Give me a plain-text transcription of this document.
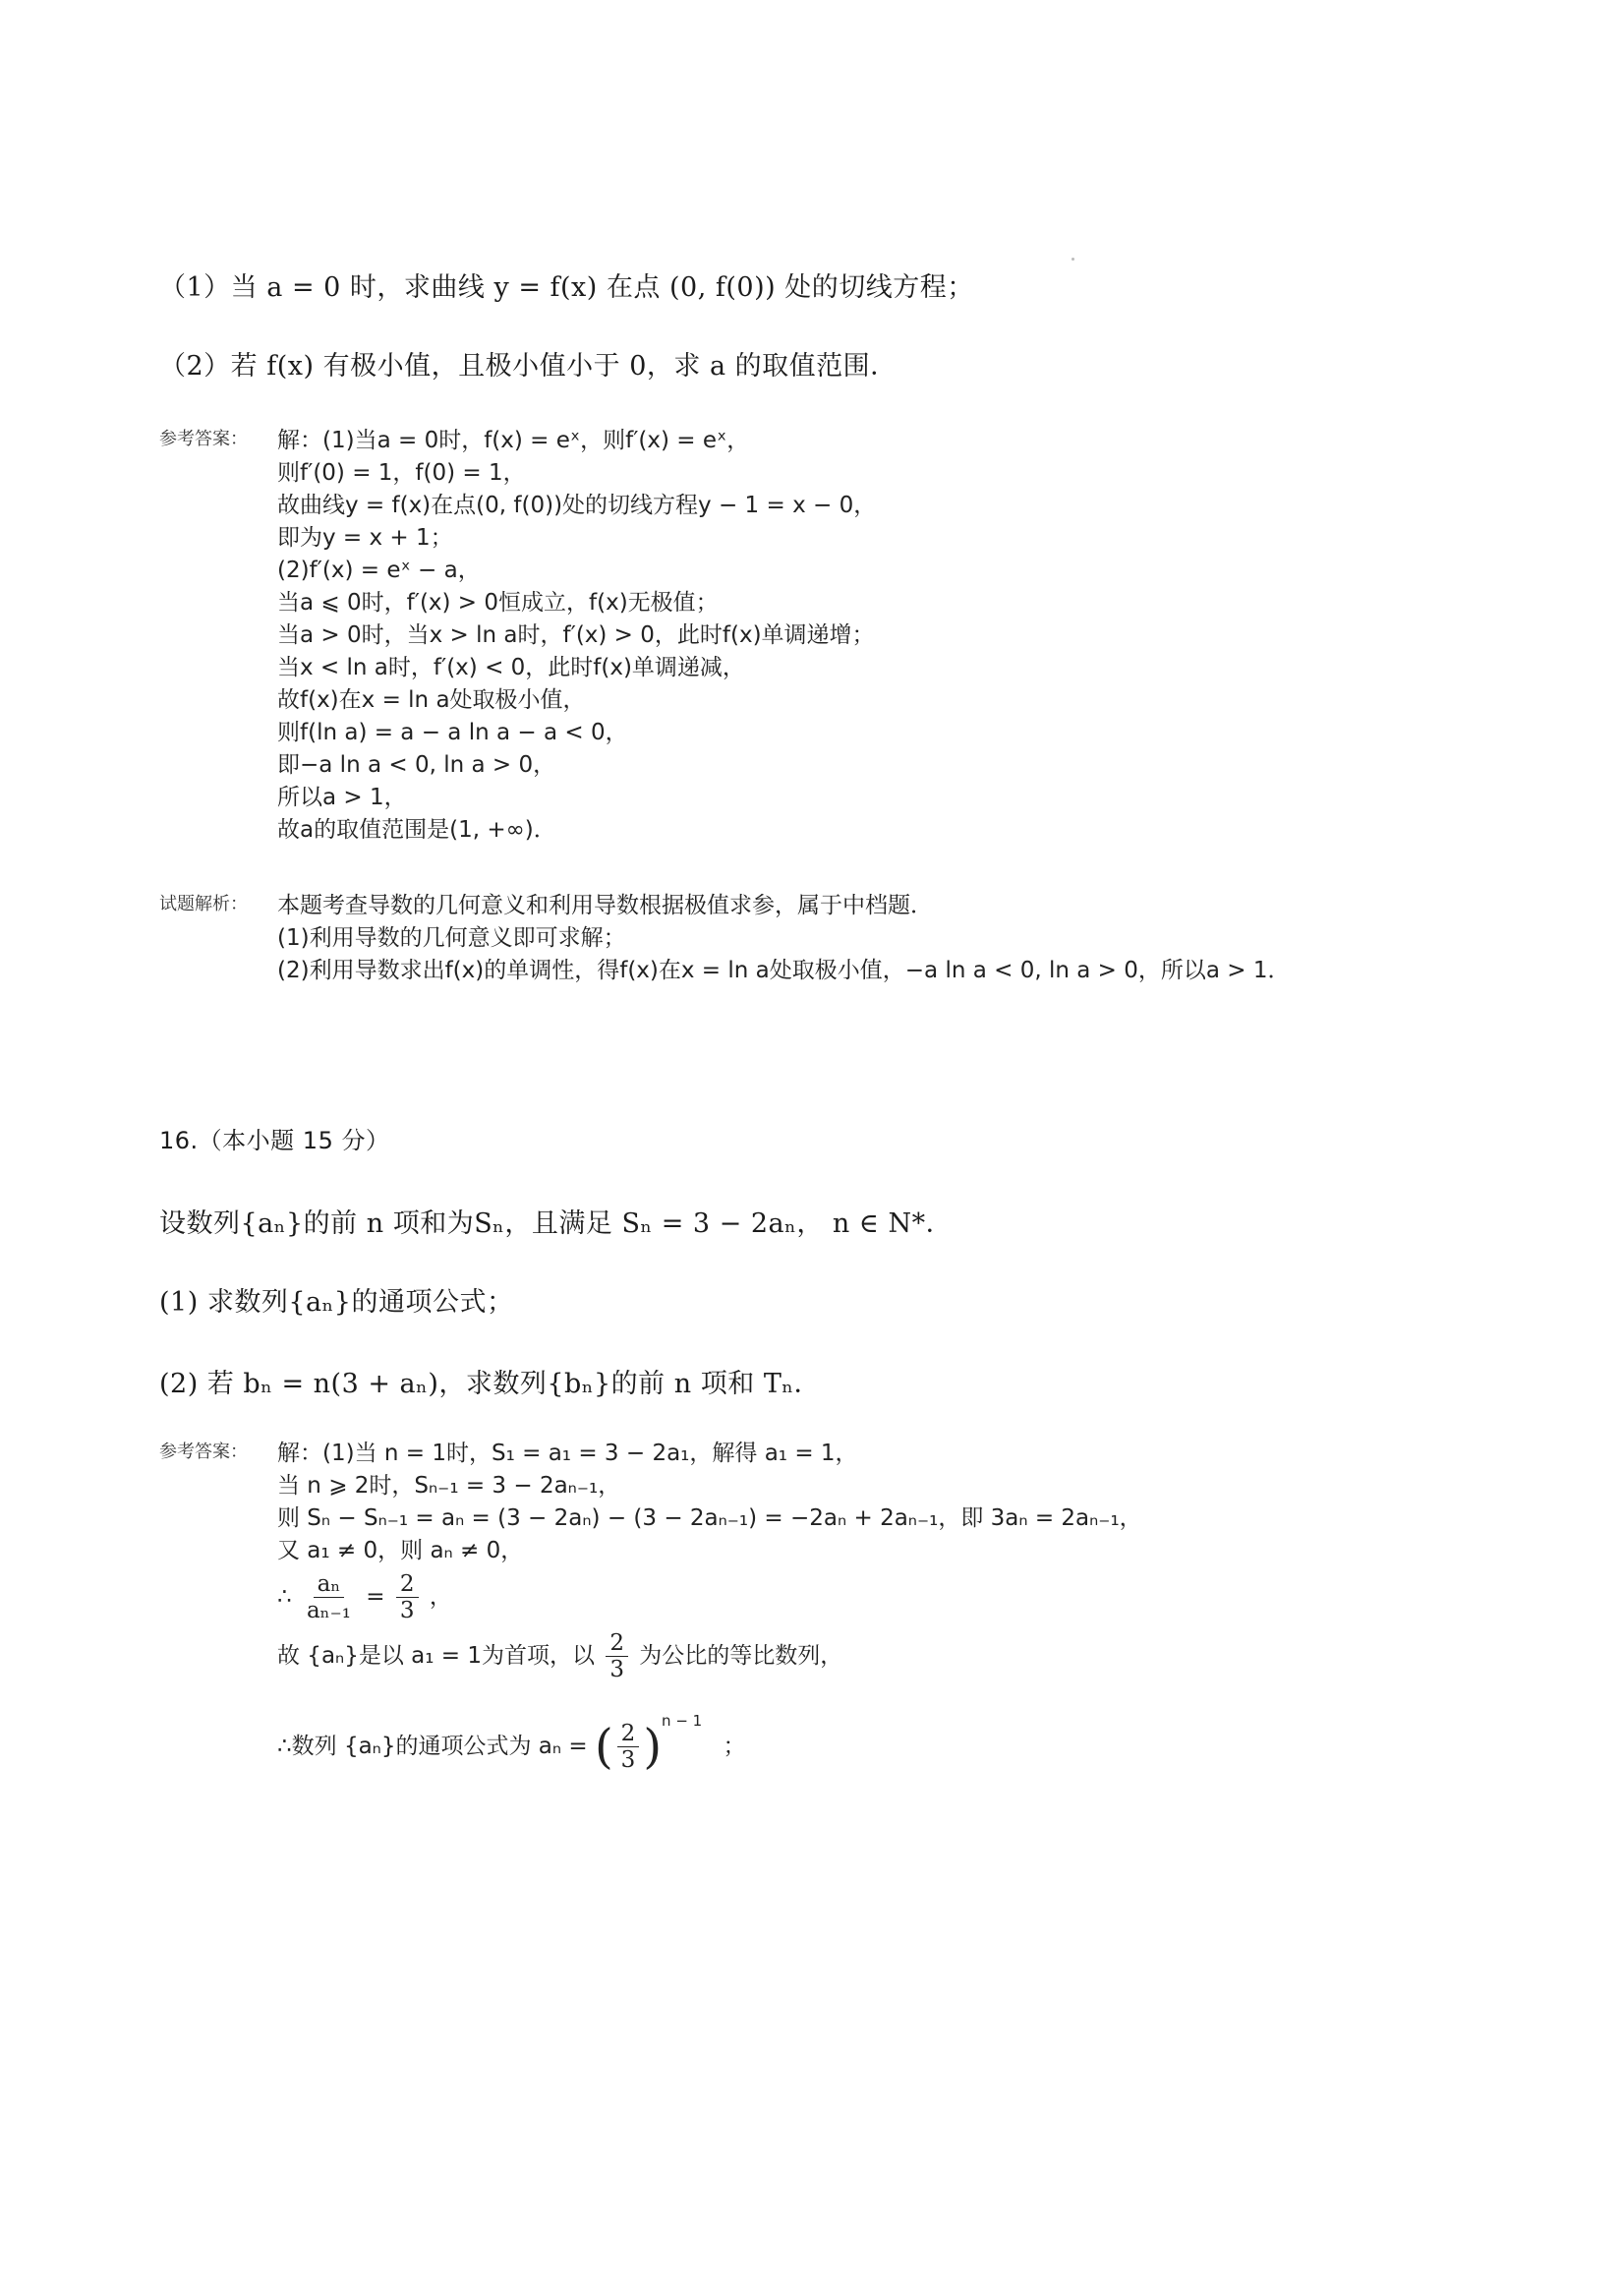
（1）当 a = 0 时，求曲线 y = f(x) 在点 (0, f(0)) 处的切线方程；
（2）若 f(x) 有极小值，且极小值小于 0，求 a 的取值范围．
参考答案： 解：(1)当a = 0时，f(x) = eˣ，则f′(x) = eˣ，
则f′(0) = 1，f(0) = 1，
故曲线y = f(x)在点(0, f(0))处的切线方程y − 1 = x − 0，
即为y = x + 1；
(2)f′(x) = eˣ − a，
当a ⩽ 0时，f′(x) > 0恒成立，f(x)无极值；
当a > 0时，当x > ln a时，f′(x) > 0，此时f(x)单调递增；
当x < ln a时，f′(x) < 0，此时f(x)单调递减，
故f(x)在x = ln a处取极小值，
则f(ln a) = a − a ln a − a < 0，
即−a ln a < 0, ln a > 0，
所以a > 1，
故a的取值范围是(1, +∞)．
试题解析： 本题考查导数的几何意义和利用导数根据极值求参，属于中档题．
(1)利用导数的几何意义即可求解；
(2)利用导数求出f(x)的单调性，得f(x)在x = ln a处取极小值，−a ln a < 0, ln a > 0，所以a > 1．
16.（本小题 15 分）
设数列{aₙ}的前 n 项和为Sₙ，且满足 Sₙ = 3 − 2aₙ， n ∈ N*．
(1) 求数列{aₙ}的通项公式；
(2) 若 bₙ = n(3 + aₙ)，求数列{bₙ}的前 n 项和 Tₙ．
参考答案： 解：(1)当 n = 1时，S₁ = a₁ = 3 − 2a₁，解得 a₁ = 1，
当 n ⩾ 2时，Sₙ₋₁ = 3 − 2aₙ₋₁，
则 Sₙ − Sₙ₋₁ = aₙ = (3 − 2aₙ) − (3 − 2aₙ₋₁) = −2aₙ + 2aₙ₋₁，即 3aₙ = 2aₙ₋₁，
又 a₁ ≠ 0，则 aₙ ≠ 0，
∴ $\frac{\text{aₙ}}{\text{aₙ₋₁}} = \frac{2}{3}$ ，
故 {aₙ}是以 a₁ = 1为首项，以 $\frac{2}{3}$ 为公比的等比数列，
∴数列 {aₙ}的通项公式为 aₙ = ( $\frac{2}{3} )^{n - 1}$ ；
